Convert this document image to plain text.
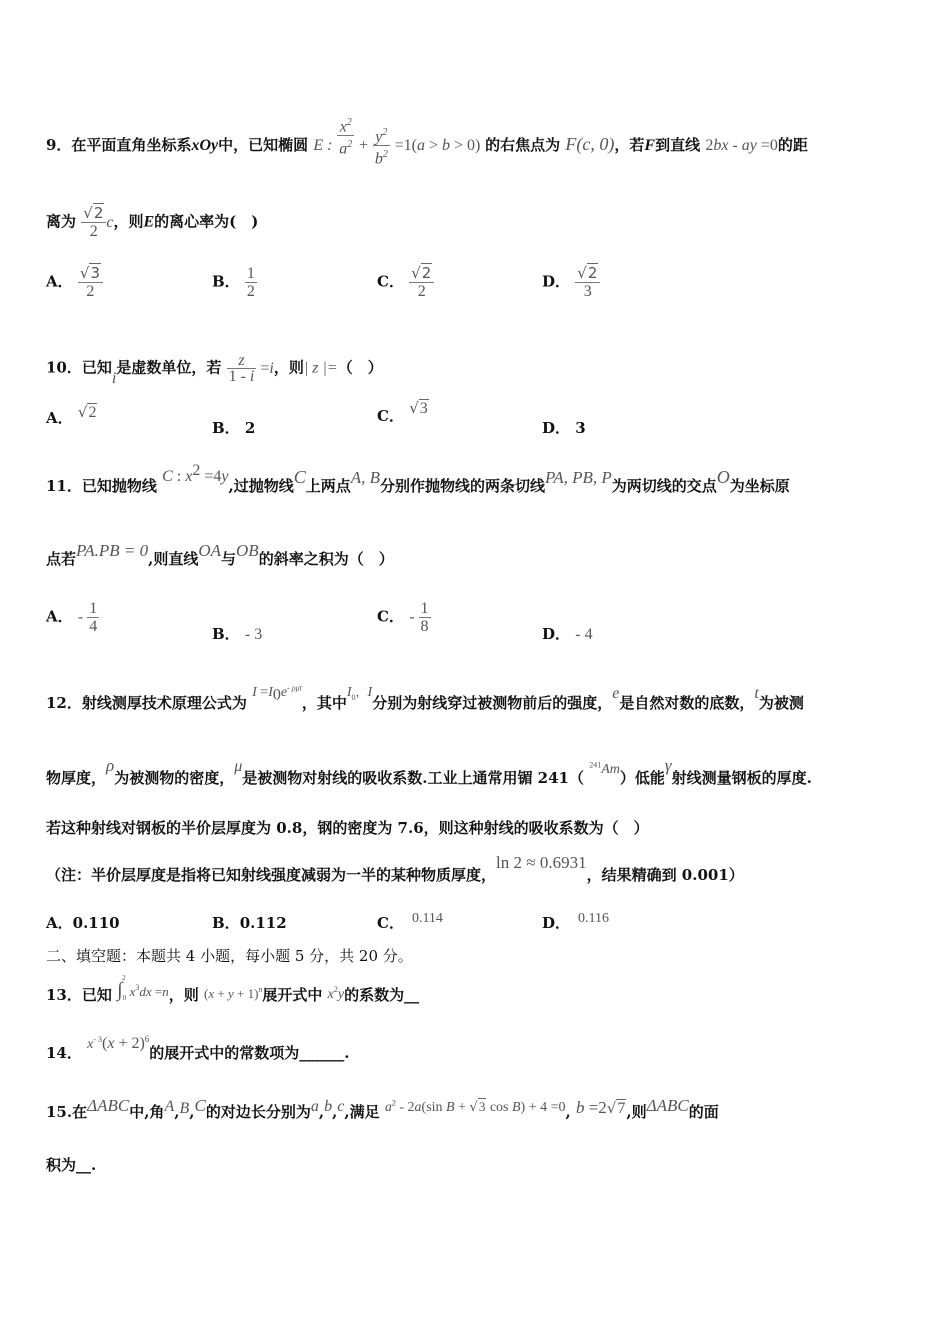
9．在平面直角坐标系xOy中，已知椭圆 E : $\frac{x^2}{a^2} + \frac{y^2}{b^2} =1(a > b > 0)$ 的右焦点为 F(c, 0)，若F到直线 2bx - ay =0的距
离为 $\frac{√2}{2}$ c，则E的离心率为(　)
A． $\frac{√3}{2}$	B． $\frac{1}{2}$	C． $\frac{√2}{2}$	D． $\frac{√2}{3}$
10．已知i是虚数单位，若 $\frac{z}{1 - i} =i$，则| z |=（　）
A． √2
B． 2
C． √3
D． 3
11．已知抛物线 C : $x^2 =4y$,过抛物线C上两点A, B分别作抛物线的两条切线PA, PB, P为两切线的交点O为坐标原
点若PA.PB = 0,则直线OA与OB的斜率之积为（　）
A． - $\frac{1}{4}$	B． - 3
C． - $\frac{1}{8}$	D． - 4
12．射线测厚技术原理公式为 $I =I_0e^{- \rho\mu t}$，其中$I_0$，I分别为射线穿过被测物前后的强度，e是自然对数的底数，t为被测
物厚度，ρ为被测物的密度，μ是被测物对射线的吸收系数.工业上通常用镅 241（ $^{241}$Am）低能γ射线测量钢板的厚度.
若这种射线对钢板的半价层厚度为 0.8，钢的密度为 7.6，则这种射线的吸收系数为（　）
（注：半价层厚度是指将已知射线强度减弱为一半的某种物质厚度，ln 2 ≈ 0.6931，结果精确到 0.001）
A．0.110	B．0.112	C． 0.114	D． 0.116
二、填空题：本题共 4 小题，每小题 5 分，共 20 分。
13．已知 $\int_0^2x^3dx =n$，则 $(x + y + 1)^n$展开式中 $x^2y$的系数为__
14． $x^{- 3}(x + 2)^6$的展开式中的常数项为______.
15.在ΔABC中,角A,B,C的对边长分别为a,b,c,满足 $a^2 - 2a(\sin$ B + √3 cos B) + 4 =0, b =2√7,则ΔABC的面
积为__.
